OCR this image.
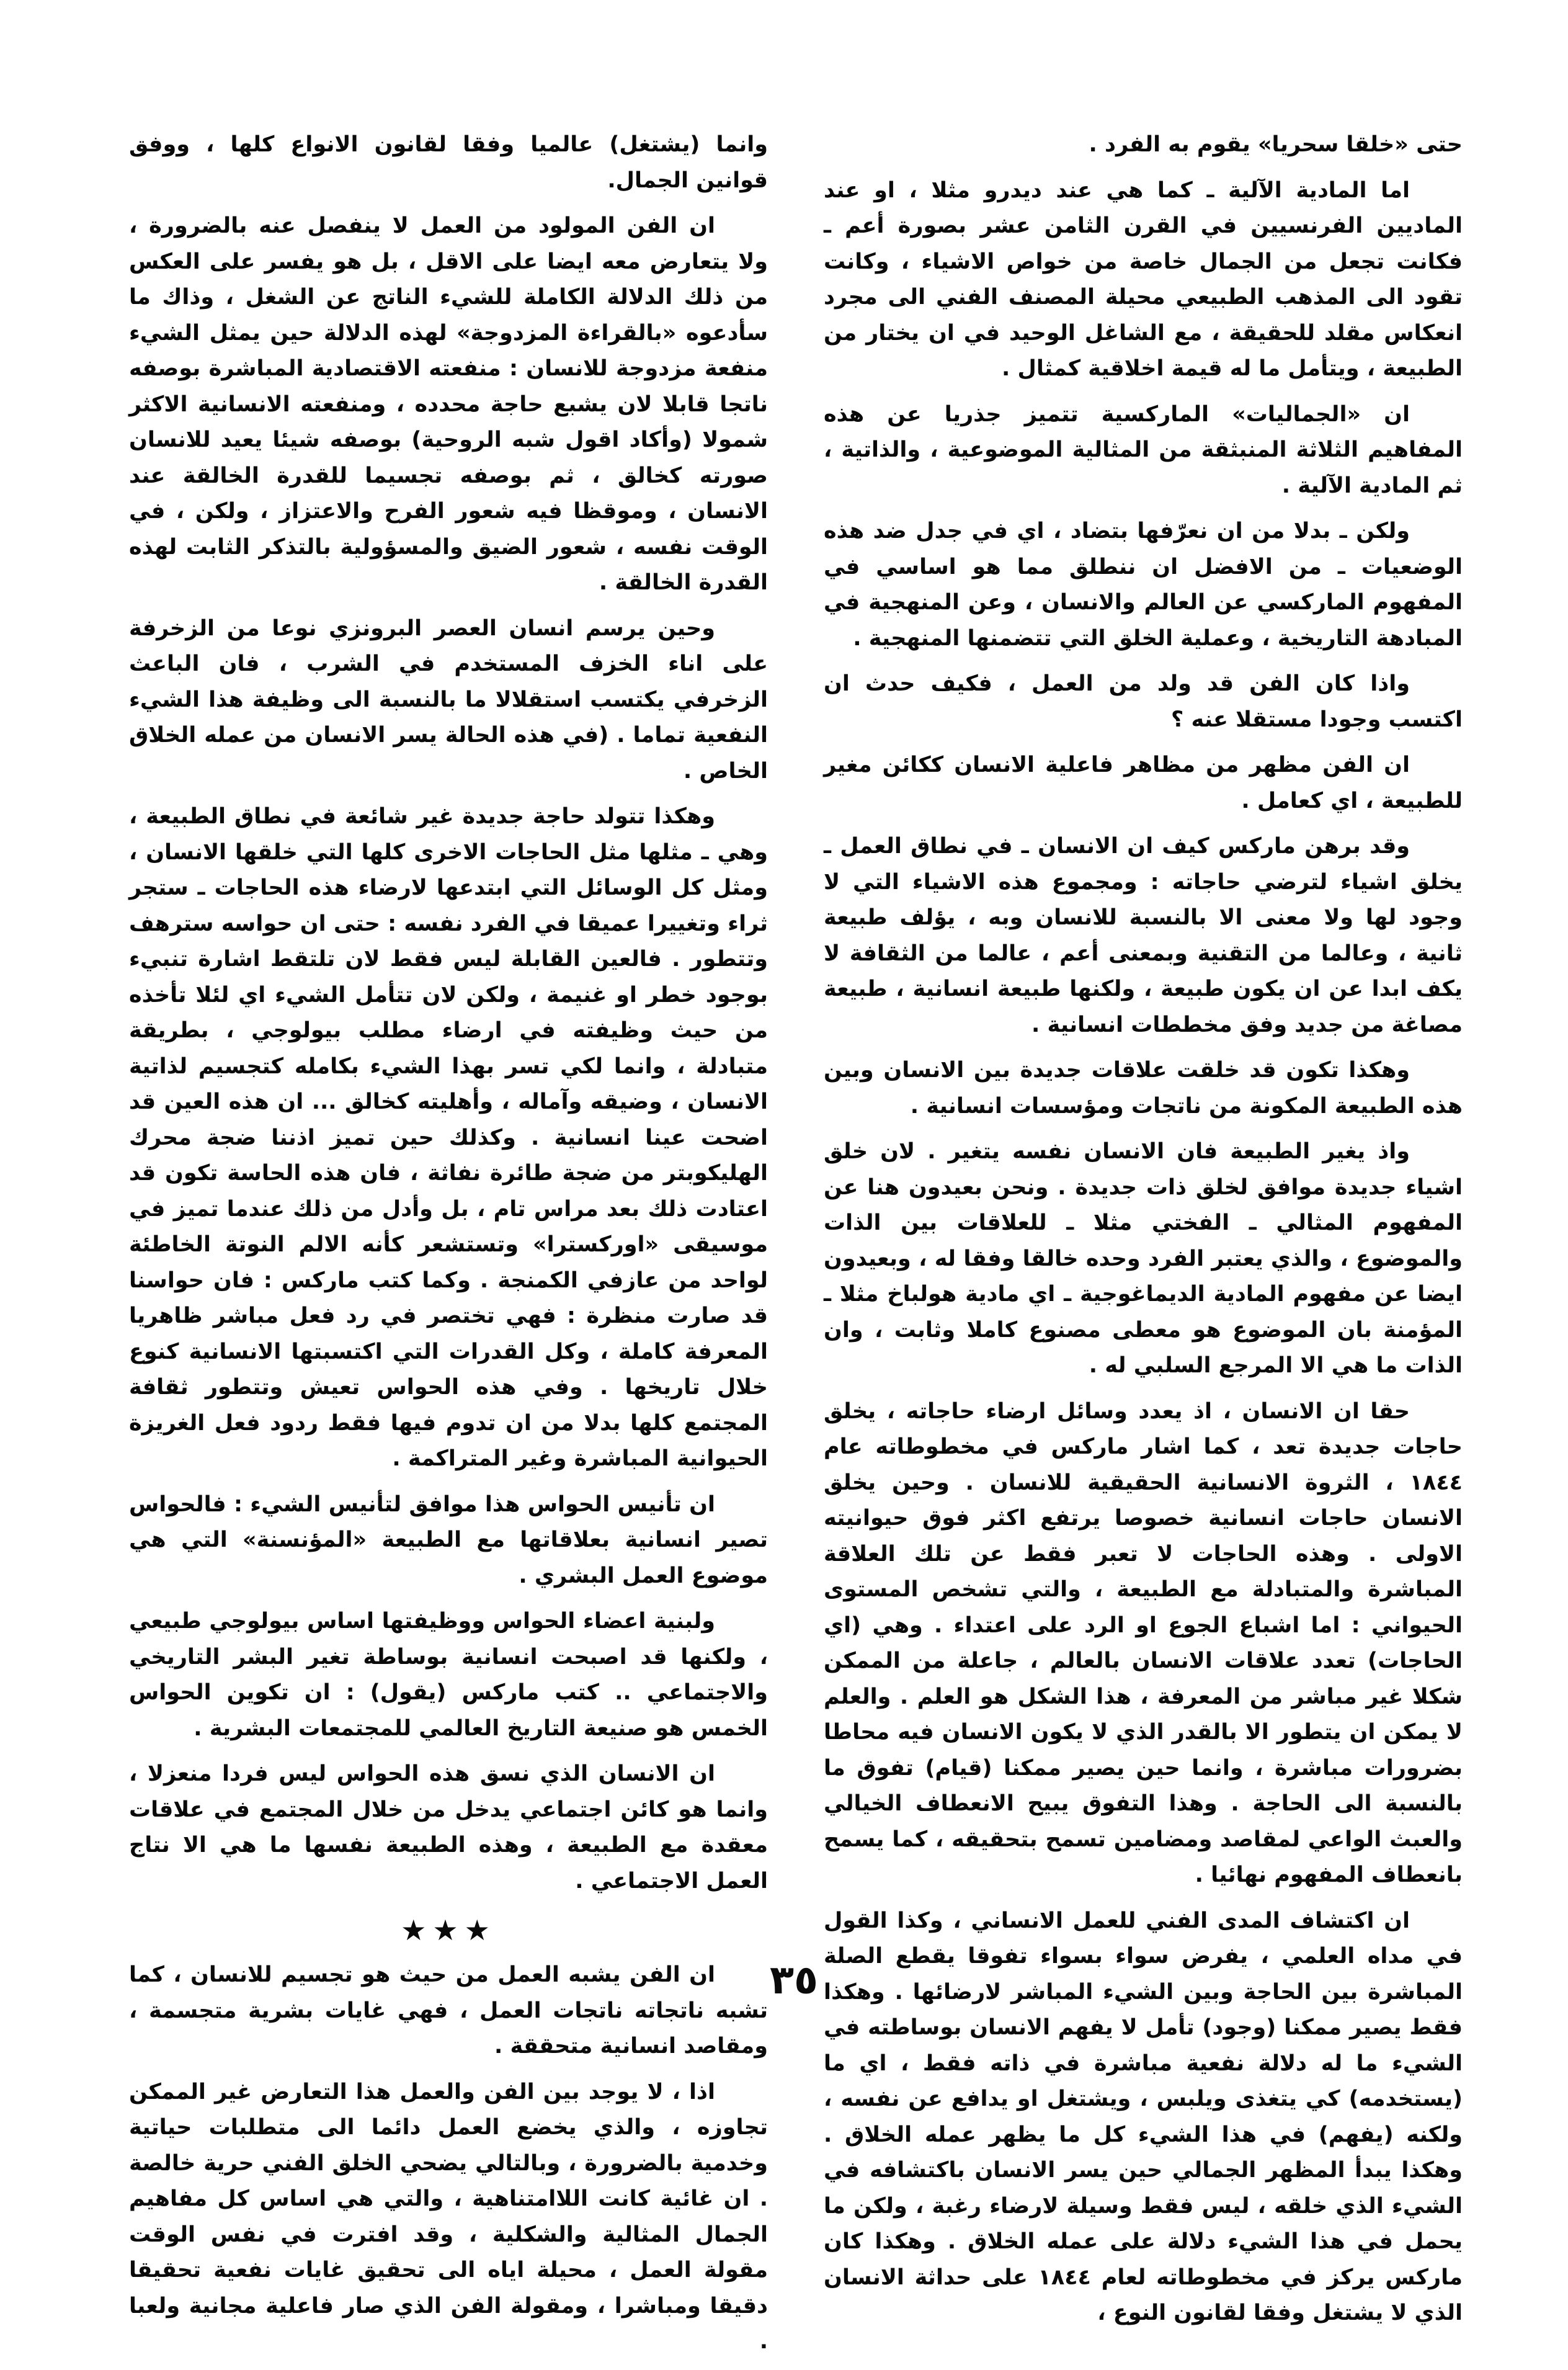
حتى «خلقا سحريا» يقوم به الفرد .

اما المادية الآلية ـ كما هي عند ديدرو مثلا ، او عند الماديين الفرنسيين في القرن الثامن عشر بصورة أعم ـ فكانت تجعل من الجمال خاصة من خواص الاشياء ، وكانت تقود الى المذهب الطبيعي محيلة المصنف الفني الى مجرد انعكاس مقلد للحقيقة ، مع الشاغل الوحيد في ان يختار من الطبيعة ، ويتأمل ما له قيمة اخلاقية كمثال .

ان «الجماليات» الماركسية تتميز جذريا عن هذه المفاهيم الثلاثة المنبثقة من المثالية الموضوعية ، والذاتية ، ثم المادية الآلية .

ولكن ـ بدلا من ان نعرّفها بتضاد ، اي في جدل ضد هذه الوضعيات ـ من الافضل ان ننطلق مما هو اساسي في المفهوم الماركسي عن العالم والانسان ، وعن المنهجية في المبادهة التاريخية ، وعملية الخلق التي تتضمنها المنهجية .

واذا كان الفن قد ولد من العمل ، فكيف حدث ان اكتسب وجودا مستقلا عنه ؟

ان الفن مظهر من مظاهر فاعلية الانسان ككائن مغير للطبيعة ، اي كعامل .

وقد برهن ماركس كيف ان الانسان ـ في نطاق العمل ـ يخلق اشياء لترضي حاجاته : ومجموع هذه الاشياء التي لا وجود لها ولا معنى الا بالنسبة للانسان وبه ، يؤلف طبيعة ثانية ، وعالما من التقنية وبمعنى أعم ، عالما من الثقافة لا يكف ابدا عن ان يكون طبيعة ، ولكنها طبيعة انسانية ، طبيعة مصاغة من جديد وفق مخططات انسانية .

وهكذا تكون قد خلقت علاقات جديدة بين الانسان وبين هذه الطبيعة المكونة من ناتجات ومؤسسات انسانية .

واذ يغير الطبيعة فان الانسان نفسه يتغير . لان خلق اشياء جديدة موافق لخلق ذات جديدة . ونحن بعيدون هنا عن المفهوم المثالي ـ الفختي مثلا ـ للعلاقات بين الذات والموضوع ، والذي يعتبر الفرد وحده خالقا وفقا له ، وبعيدون ايضا عن مفهوم المادية الديماغوجية ـ اي مادية هولباخ مثلا ـ المؤمنة بان الموضوع هو معطى مصنوع كاملا وثابت ، وان الذات ما هي الا المرجع السلبي له .

حقا ان الانسان ، اذ يعدد وسائل ارضاء حاجاته ، يخلق حاجات جديدة تعد ، كما اشار ماركس في مخطوطاته عام ١٨٤٤ ، الثروة الانسانية الحقيقية للانسان . وحين يخلق الانسان حاجات انسانية خصوصا يرتفع اكثر فوق حيوانيته الاولى . وهذه الحاجات لا تعبر فقط عن تلك العلاقة المباشرة والمتبادلة مع الطبيعة ، والتي تشخص المستوى الحيواني : اما اشباع الجوع او الرد على اعتداء . وهي (اي الحاجات) تعدد علاقات الانسان بالعالم ، جاعلة من الممكن شكلا غير مباشر من المعرفة ، هذا الشكل هو العلم . والعلم لا يمكن ان يتطور الا بالقدر الذي لا يكون الانسان فيه محاطا بضرورات مباشرة ، وانما حين يصير ممكنا (قيام) تفوق ما بالنسبة الى الحاجة . وهذا التفوق يبيح الانعطاف الخيالي والعبث الواعي لمقاصد ومضامين تسمح بتحقيقه ، كما يسمح بانعطاف المفهوم نهائيا .

ان اكتشاف المدى الفني للعمل الانساني ، وكذا القول في مداه العلمي ، يفرض سواء بسواء تفوقا يقطع الصلة المباشرة بين الحاجة وبين الشيء المباشر لارضائها . وهكذا فقط يصير ممكنا (وجود) تأمل لا يفهم الانسان بوساطته في الشيء ما له دلالة نفعية مباشرة في ذاته فقط ، اي ما (يستخدمه) كي يتغذى ويلبس ، ويشتغل او يدافع عن نفسه ، ولكنه (يفهم) في هذا الشيء كل ما يظهر عمله الخلاق . وهكذا يبدأ المظهر الجمالي حين يسر الانسان باكتشافه في الشيء الذي خلقه ، ليس فقط وسيلة لارضاء رغبة ، ولكن ما يحمل في هذا الشيء دلالة على عمله الخلاق . وهكذا كان ماركس يركز في مخطوطاته لعام ١٨٤٤ على حداثة الانسان الذي لا يشتغل وفقا لقانون النوع ،

وانما (يشتغل) عالميا وفقا لقانون الانواع كلها ، ووفق قوانين الجمال.

ان الفن المولود من العمل لا ينفصل عنه بالضرورة ، ولا يتعارض معه ايضا على الاقل ، بل هو يفسر على العكس من ذلك الدلالة الكاملة للشيء الناتج عن الشغل ، وذاك ما سأدعوه «بالقراءة المزدوجة» لهذه الدلالة حين يمثل الشيء منفعة مزدوجة للانسان : منفعته الاقتصادية المباشرة بوصفه ناتجا قابلا لان يشبع حاجة محدده ، ومنفعته الانسانية الاكثر شمولا (وأكاد اقول شبه الروحية) بوصفه شيئا يعيد للانسان صورته كخالق ، ثم بوصفه تجسيما للقدرة الخالقة عند الانسان ، وموقظا فيه شعور الفرح والاعتزاز ، ولكن ، في الوقت نفسه ، شعور الضيق والمسؤولية بالتذكر الثابت لهذه القدرة الخالقة .

وحين يرسم انسان العصر البرونزي نوعا من الزخرفة على اناء الخزف المستخدم في الشرب ، فان الباعث الزخرفي يكتسب استقلالا ما بالنسبة الى وظيفة هذا الشيء النفعية تماما . (في هذه الحالة يسر الانسان من عمله الخلاق الخاص .

وهكذا تتولد حاجة جديدة غير شائعة في نطاق الطبيعة ، وهي ـ مثلها مثل الحاجات الاخرى كلها التي خلقها الانسان ، ومثل كل الوسائل التي ابتدعها لارضاء هذه الحاجات ـ ستجر ثراء وتغييرا عميقا في الفرد نفسه : حتى ان حواسه سترهف وتتطور . فالعين القابلة ليس فقط لان تلتقط اشارة تنبيء بوجود خطر او غنيمة ، ولكن لان تتأمل الشيء اي لئلا تأخذه من حيث وظيفته في ارضاء مطلب بيولوجي ، بطريقة متبادلة ، وانما لكي تسر بهذا الشيء بكامله كتجسيم لذاتية الانسان ، وضيقه وآماله ، وأهليته كخالق ... ان هذه العين قد اضحت عينا انسانية . وكذلك حين تميز اذننا ضجة محرك الهليكوبتر من ضجة طائرة نفاثة ، فان هذه الحاسة تكون قد اعتادت ذلك بعد مراس تام ، بل وأدل من ذلك عندما تميز في موسيقى «اوركسترا» وتستشعر كأنه الالم النوتة الخاطئة لواحد من عازفي الكمنجة . وكما كتب ماركس : فان حواسنا قد صارت منظرة : فهي تختصر في رد فعل مباشر ظاهريا المعرفة كاملة ، وكل القدرات التي اكتسبتها الانسانية كنوع خلال تاريخها . وفي هذه الحواس تعيش وتتطور ثقافة المجتمع كلها بدلا من ان تدوم فيها فقط ردود فعل الغريزة الحيوانية المباشرة وغير المتراكمة .

ان تأنيس الحواس هذا موافق لتأنيس الشيء : فالحواس تصير انسانية بعلاقاتها مع الطبيعة «المؤنسنة» التي هي موضوع العمل البشري .

ولبنية اعضاء الحواس ووظيفتها اساس بيولوجي طبيعي ، ولكنها قد اصبحت انسانية بوساطة تغير البشر التاريخي والاجتماعي .. كتب ماركس (يقول) : ان تكوين الحواس الخمس هو صنيعة التاريخ العالمي للمجتمعات البشرية .

ان الانسان الذي نسق هذه الحواس ليس فردا منعزلا ، وانما هو كائن اجتماعي يدخل من خلال المجتمع في علاقات معقدة مع الطبيعة ، وهذه الطبيعة نفسها ما هي الا نتاج العمل الاجتماعي .

★★★

ان الفن يشبه العمل من حيث هو تجسيم للانسان ، كما تشبه ناتجاته ناتجات العمل ، فهي غايات بشرية متجسمة ، ومقاصد انسانية متحققة .

اذا ، لا يوجد بين الفن والعمل هذا التعارض غير الممكن تجاوزه ، والذي يخضع العمل دائما الى متطلبات حياتية وخدمية بالضرورة ، وبالتالي يضحي الخلق الفني حرية خالصة . ان غائية كانت اللاامتناهية ، والتي هي اساس كل مفاهيم الجمال المثالية والشكلية ، وقد افترت في نفس الوقت مقولة العمل ، محيلة اياه الى تحقيق غايات نفعية تحقيقا دقيقا ومباشرا ، ومقولة الفن الذي صار فاعلية مجانية ولعبا .

٣٥
